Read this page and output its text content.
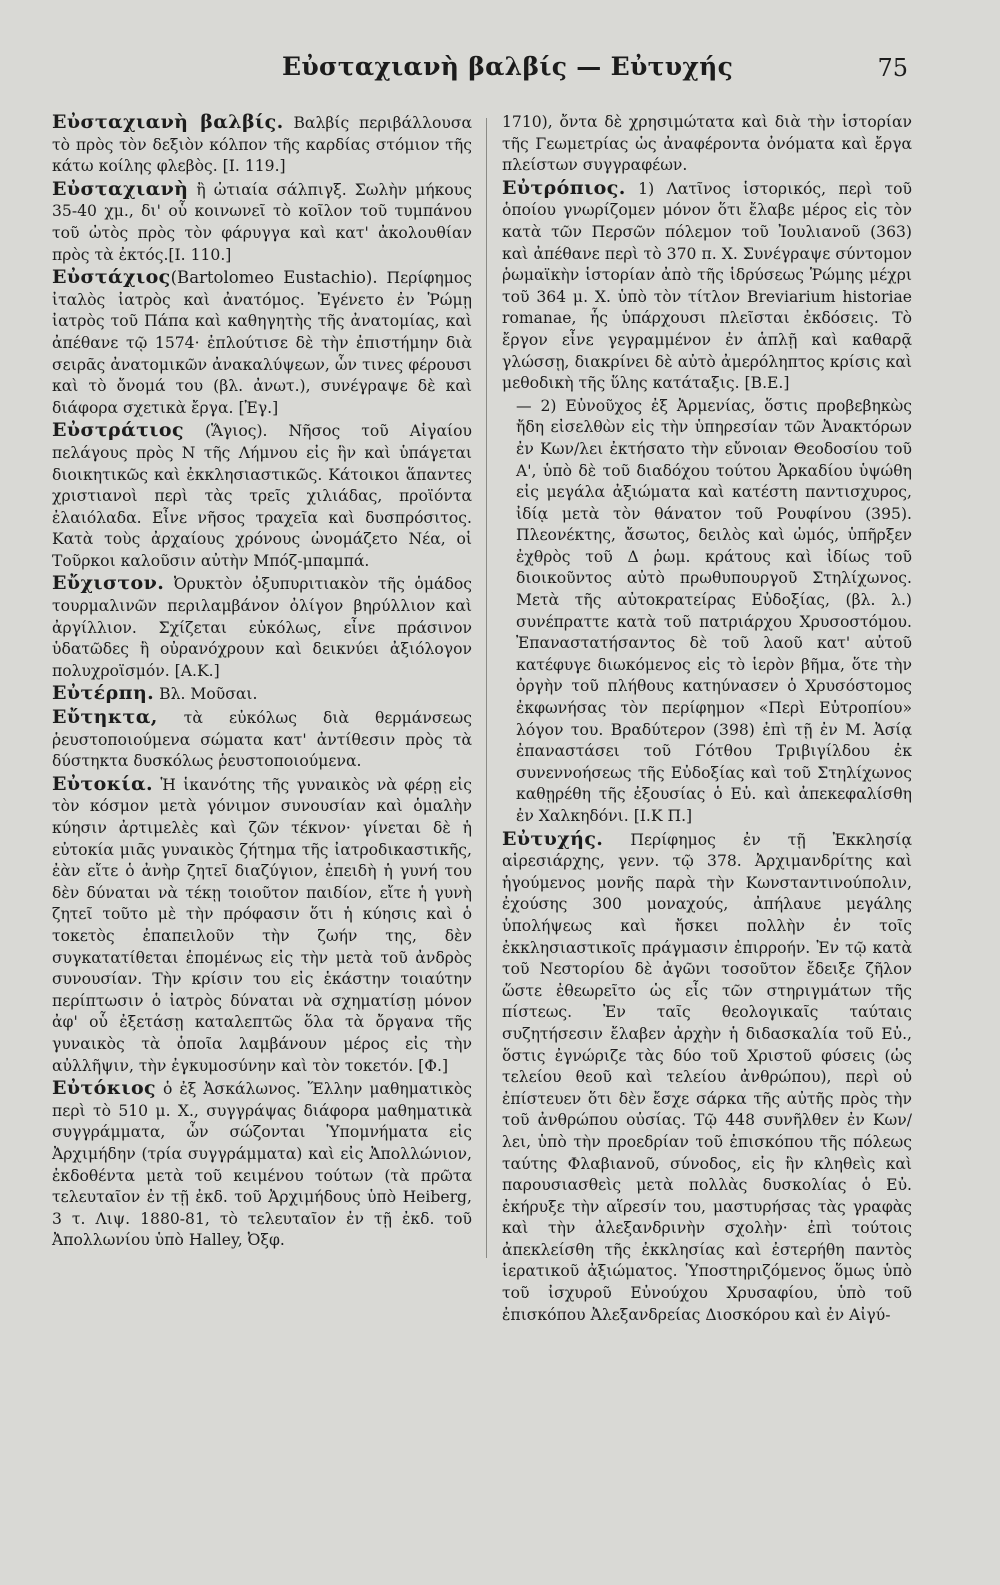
Εὐσταχιανὴ βαλβίς — Εὐτυχής	75

Εὐσταχιανὴ βαλβίς. Βαλβίς περιβάλλουσα τὸ πρὸς τὸν δεξιὸν κόλπον τῆς καρδίας στόμιον τῆς κάτω κοίλης φλεβὸς. [I. 119.]

Εὐσταχιανὴ ἢ ὠτιαία σάλπιγξ. Σωλὴν μήκους 35-40 χμ., δι' οὗ κοινωνεῖ τὸ κοῖλον τοῦ τυμπάνου τοῦ ὠτὸς πρὸς τὸν φάρυγγα καὶ κατ' ἀκολουθίαν πρὸς τὰ ἐκτός.[I. 110.]

Εὐστάχιος(Bartolomeo Eustachio). Περίφημος ἰταλὸς ἰατρὸς καὶ ἀνατόμος. Ἐγένετο ἐν Ῥώμῃ ἰατρὸς τοῦ Πάπα καὶ καθηγητὴς τῆς ἀνατομίας, καὶ ἀπέθανε τῷ 1574· ἐπλούτισε δὲ τὴν ἐπιστήμην διὰ σειρᾶς ἀνατομικῶν ἀνακαλύψεων, ὧν τινες φέρουσι καὶ τὸ ὄνομά του (βλ. ἀνωτ.), συνέγραψε δὲ καὶ διάφορα σχετικὰ ἔργα. [Ἐγ.]

Εὐστράτιος (Ἅγιος). Νῆσος τοῦ Αἰγαίου πελάγους πρὸς Ν τῆς Λήμνου εἰς ἣν καὶ ὑπάγεται διοικητικῶς καὶ ἐκκλησιαστικῶς. Κάτοικοι ἅπαντες χριστιανοὶ περὶ τὰς τρεῖς χιλιάδας, προϊόντα ἐλαιόλαδα. Εἶνε νῆσος τραχεῖα καὶ δυσπρόσιτος. Κατὰ τοὺς ἀρχαίους χρόνους ὠνομάζετο Νέα, οἱ Τοῦρκοι καλοῦσιν αὐτὴν Μπόζ-μπαμπά.

Εὔχιστον. Ὀρυκτὸν ὀξυπυριτιακὸν τῆς ὁμάδος τουρμαλινῶν περιλαμβάνον ὀλίγον βηρύλλιον καὶ ἀργίλλιον. Σχίζεται εὐκόλως, εἶνε πράσινον ὑδατῶδες ἢ οὐρανόχρουν καὶ δεικνύει ἀξιόλογον πολυχροϊσμόν. [A.K.]

Εὐτέρπη. Βλ. Μοῦσαι.

Εὔτηκτα, τὰ εὐκόλως διὰ θερμάνσεως ῥευστοποιούμενα σώματα κατ' ἀντίθεσιν πρὸς τὰ δύστηκτα δυσκόλως ῥευστοποιούμενα.

Εὐτοκία. Ἡ ἱκανότης τῆς γυναικὸς νὰ φέρῃ εἰς τὸν κόσμον μετὰ γόνιμον συνουσίαν καὶ ὁμαλὴν κύησιν ἀρτιμελὲς καὶ ζῶν τέκνον· γίνεται δὲ ἡ εὐτοκία μιᾶς γυναικὸς ζήτημα τῆς ἰατροδικαστικῆς, ἐὰν εἴτε ὁ ἀνὴρ ζητεῖ διαζύγιον, ἐπειδὴ ἡ γυνή του δὲν δύναται νὰ τέκῃ τοιοῦτον παιδίον, εἴτε ἡ γυνὴ ζητεῖ τοῦτο μὲ τὴν πρόφασιν ὅτι ἡ κύησις καὶ ὁ τοκετὸς ἐπαπειλοῦν τὴν ζωήν της, δὲν συγκατατίθεται ἐπομένως εἰς τὴν μετὰ τοῦ ἀνδρὸς συνουσίαν. Τὴν κρίσιν του εἰς ἑκάστην τοιαύτην περίπτωσιν ὁ ἰατρὸς δύναται νὰ σχηματίσῃ μόνον ἀφ' οὗ ἐξετάσῃ καταλεπτῶς ὅλα τὰ ὄργανα τῆς γυναικὸς τὰ ὁποῖα λαμβάνουν μέρος εἰς τὴν αὐλλῆψιν, τὴν ἐγκυμοσύνην καὶ τὸν τοκετόν. [Φ.]

Εὐτόκιος ὁ ἐξ Ἀσκάλωνος. Ἕλλην μαθηματικὸς περὶ τὸ 510 μ. Χ., συγγράψας διάφορα μαθηματικὰ συγγράμματα, ὧν σώζονται Ὑπομνήματα εἰς Ἀρχιμήδην (τρία συγγράμματα) καὶ εἰς Ἀπολλώνιον, ἐκδοθέντα μετὰ τοῦ κειμένου τούτων (τὰ πρῶτα τελευταῖον ἐν τῇ ἐκδ. τοῦ Ἀρχιμήδους ὑπὸ Heiberg, 3 τ. Λιψ. 1880-81, τὸ τελευταῖον ἐν τῇ ἐκδ. τοῦ Ἀπολλωνίου ὑπὸ Halley, Ὀξφ.

1710), ὄντα δὲ χρησιμώτατα καὶ διὰ τὴν ἱστορίαν τῆς Γεωμετρίας ὡς ἀναφέροντα ὀνόματα καὶ ἔργα πλείστων συγγραφέων.

Εὐτρόπιος. 1) Λατῖνος ἱστορικός, περὶ τοῦ ὁποίου γνωρίζομεν μόνον ὅτι ἔλαβε μέρος εἰς τὸν κατὰ τῶν Περσῶν πόλεμον τοῦ Ἰουλιανοῦ (363) καὶ ἀπέθανε περὶ τὸ 370 π. Χ. Συνέγραψε σύντομον ῥωμαϊκὴν ἱστορίαν ἀπὸ τῆς ἱδρύσεως Ῥώμης μέχρι τοῦ 364 μ. Χ. ὑπὸ τὸν τίτλον Breviarium historiae romanae, ἧς ὑπάρχουσι πλεῖσται ἐκδόσεις. Τὸ ἔργον εἶνε γεγραμμένον ἐν ἁπλῇ καὶ καθαρᾷ γλώσσῃ, διακρίνει δὲ αὐτὸ ἀμερόληπτος κρίσις καὶ μεθοδικὴ τῆς ὕλης κατάταξις. [B.E.]

— 2) Εὐνοῦχος ἐξ Ἀρμενίας, ὅστις προβεβηκὼς ἤδη εἰσελθὼν εἰς τὴν ὑπηρεσίαν τῶν Ἀνακτόρων ἐν Κων/λει ἐκτήσατο τὴν εὔνοιαν Θεοδοσίου τοῦ Α', ὑπὸ δὲ τοῦ διαδόχου τούτου Ἀρκαδίου ὑψώθη εἰς μεγάλα ἀξιώματα καὶ κατέστη παντισχυρος, ἰδίᾳ μετὰ τὸν θάνατον τοῦ Ρουφίνου (395). Πλεονέκτης, ἄσωτος, δειλὸς καὶ ὠμός, ὑπῆρξεν ἐχθρὸς τοῦ Δ ῥωμ. κράτους καὶ ἰδίως τοῦ διοικοῦντος αὐτὸ πρωθυπουργοῦ Στηλίχωνος. Μετὰ τῆς αὐτοκρατείρας Εὐδοξίας, (βλ. λ.) συνέπραττε κατὰ τοῦ πατριάρχου Χρυσοστόμου. Ἐπαναστατήσαντος δὲ τοῦ λαοῦ κατ' αὐτοῦ κατέφυγε διωκόμενος εἰς τὸ ἱερὸν βῆμα, ὅτε τὴν ὀργὴν τοῦ πλήθους κατηύνασεν ὁ Χρυσόστομος ἐκφωνήσας τὸν περίφημον «Περὶ Εὐτροπίου» λόγον του. Βραδύτερον (398) ἐπὶ τῇ ἐν Μ. Ἀσίᾳ ἐπαναστάσει τοῦ Γότθου Τριβιγίλδου ἐκ συνεννοήσεως τῆς Εὐδοξίας καὶ τοῦ Στηλίχωνος καθῃρέθη τῆς ἐξουσίας ὁ Εὐ. καὶ ἀπεκεφαλίσθη ἐν Χαλκηδόνι. [I.K Π.]

Εὐτυχής. Περίφημος ἐν τῇ Ἐκκλησίᾳ αἱρεσιάρχης, γενν. τῷ 378. Ἀρχιμανδρίτης καὶ ἡγούμενος μονῆς παρὰ τὴν Κωνσταντινούπολιν, ἐχούσης 300 μοναχούς, ἀπήλαυε μεγάλης ὑπολήψεως καὶ ἤσκει πολλὴν ἐν τοῖς ἐκκλησιαστικοῖς πράγμασιν ἐπιρροήν. Ἐν τῷ κατὰ τοῦ Νεστορίου δὲ ἀγῶνι τοσοῦτον ἔδειξε ζῆλον ὥστε ἐθεωρεῖτο ὡς εἷς τῶν στηριγμάτων τῆς πίστεως. Ἐν ταῖς θεολογικαῖς ταύταις συζητήσεσιν ἔλαβεν ἀρχὴν ἡ διδασκαλία τοῦ Εὐ., ὅστις ἐγνώριζε τὰς δύο τοῦ Χριστοῦ φύσεις (ὡς τελείου θεοῦ καὶ τελείου ἀνθρώπου), περὶ οὐ ἐπίστευεν ὅτι δὲν ἔσχε σάρκα τῆς αὐτῆς πρὸς τὴν τοῦ ἀνθρώπου οὐσίας. Τῷ 448 συνῆλθεν ἐν Κων/λει, ὑπὸ τὴν προεδρίαν τοῦ ἐπισκόπου τῆς πόλεως ταύτης Φλαβιανοῦ, σύνοδος, εἰς ἣν κληθεὶς καὶ παρουσιασθεὶς μετὰ πολλὰς δυσκολίας ὁ Εὐ. ἐκήρυξε τὴν αἵρεσίν του, μαστυρήσας τὰς γραφὰς καὶ τὴν ἀλεξανδρινὴν σχολὴν· ἐπὶ τούτοις ἀπεκλείσθη τῆς ἐκκλησίας καὶ ἐστερήθη παντὸς ἱερατικοῦ ἀξιώματος. Ὑποστηριζόμενος ὅμως ὑπὸ τοῦ ἰσχυροῦ Εὐνούχου Χρυσαφίου, ὑπὸ τοῦ ἐπισκόπου Ἀλεξανδρείας Διοσκόρου καὶ ἐν Αἰγύ-
